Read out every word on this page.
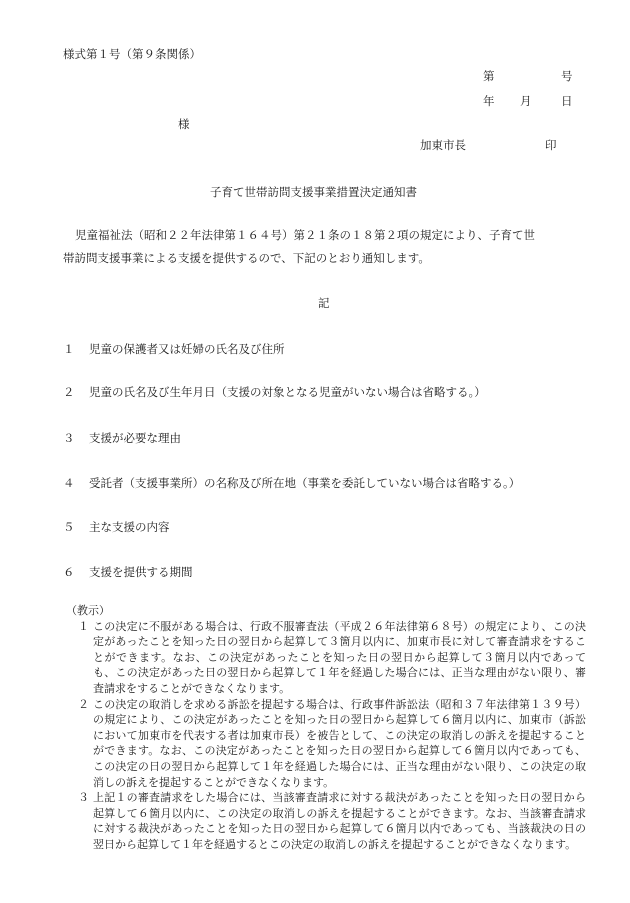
様式第１号（第９条関係）
第	号
年 月	日
様
加東市長	印
子育て世帯訪問支援事業措置決定通知書
児童福祉法（昭和２２年法律第１６４号）第２１条の１８第２項の規定により、子育て世
帯訪問支援事業による支援を提供するので、下記のとおり通知します。
記
１ 児童の保護者又は妊婦の氏名及び住所
２ 児童の氏名及び生年月日（支援の対象となる児童がいない場合は省略する。）
３ 支援が必要な理由
４ 受託者（支援事業所）の名称及び所在地（事業を委託していない場合は省略する。）
５ 主な支援の内容
６ 支援を提供する期間
（教示）
１ この決定に不服がある場合は、行政不服審査法（平成２６年法律第６８号）の規定により、この決定があったことを知った日の翌日から起算して３箇月以内に、加東市長に対して審査請求をすることができます。なお、この決定があったことを知った日の翌日から起算して３箇月以内であっても、この決定があった日の翌日から起算して１年を経過した場合には、正当な理由がない限り、審査請求をすることができなくなります。
２ この決定の取消しを求める訴訟を提起する場合は、行政事件訴訟法（昭和３７年法律第１３９号）の規定により、この決定があったことを知った日の翌日から起算して６箇月以内に、加東市（訴訟において加東市を代表する者は加東市長）を被告として、この決定の取消しの訴えを提起することができます。なお、この決定があったことを知った日の翌日から起算して６箇月以内であっても、この決定の日の翌日から起算して１年を経過した場合には、正当な理由がない限り、この決定の取消しの訴えを提起することができなくなります。
３ 上記１の審査請求をした場合には、当該審査請求に対する裁決があったことを知った日の翌日から起算して６箇月以内に、この決定の取消しの訴えを提起することができます。なお、当該審査請求に対する裁決があったことを知った日の翌日から起算して６箇月以内であっても、当該裁決の日の翌日から起算して１年を経過するとこの決定の取消しの訴えを提起することができなくなります。
